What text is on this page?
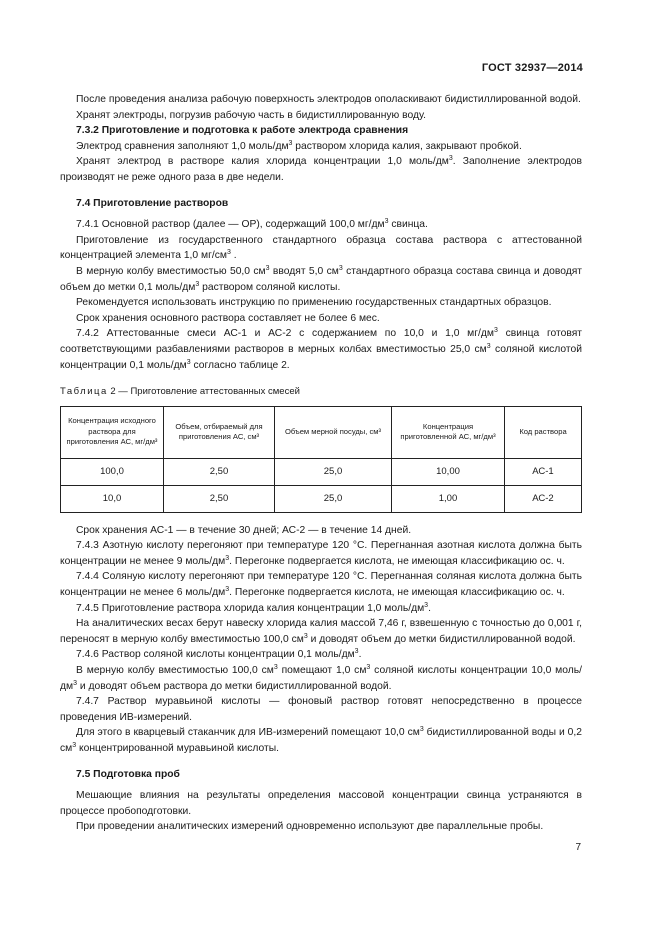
ГОСТ 32937—2014

После проведения анализа рабочую поверхность электродов ополаскивают бидистиллированной водой.

Хранят электроды, погрузив рабочую часть в бидистиллированную воду.

7.3.2 Приготовление и подготовка к работе электрода сравнения

Электрод сравнения заполняют 1,0 моль/$дм^3$ раствором хлорида калия, закрывают пробкой.

Хранят электрод в растворе калия хлорида концентрации 1,0 моль/$дм^3$. Заполнение электродов производят не реже одного раза в две недели.

7.4 Приготовление растворов

7.4.1 Основной раствор (далее — ОР), содержащий 100,0 $мг/дм^3$ свинца.

Приготовление из государственного стандартного образца состава раствора с аттестованной концентрацией элемента 1,0 $мг/см^3$ .

В мерную колбу вместимостью 50,0 $см^3$ вводят 5,0 $см^3$ стандартного образца состава свинца и доводят объем до метки 0,1 моль/$дм^3$ раствором соляной кислоты.

Рекомендуется использовать инструкцию по применению государственных стандартных образцов.

Срок хранения основного раствора составляет не более 6 мес.

7.4.2 Аттестованные смеси АС-1 и АС-2 с содержанием по 10,0 и 1,0 $мг/дм^3$ свинца готовят соответствующими разбавлениями растворов в мерных колбах вместимостью 25,0 $см^3$ соляной кислотой концентрации 0,1 моль/$дм^3$ согласно таблице 2.

Таблица 2 — Приготовление аттестованных смесей
Концентрация исходного раствора для приготовления АС, мг/дм³	Объем, отбираемый для приготовления АС, см³	Объем мерной посуды, см³	Концентрация приготовленной АС, мг/дм³	Код раствора
100,0	2,50	25,0	10,00	АС-1
10,0	2,50	25,0	1,00	АС-2

Срок хранения АС-1 — в течение 30 дней; АС-2 — в течение 14 дней.

7.4.3 Азотную кислоту перегоняют при температуре 120 °С. Перегнанная азотная кислота должна быть концентрации не менее 9 моль/$дм^3$. Перегонке подвергается кислота, не имеющая классификацию ос. ч.

7.4.4 Соляную кислоту перегоняют при температуре 120 °С. Перегнанная соляная кислота должна быть концентрации не менее 6 моль/$дм^3$. Перегонке подвергается кислота, не имеющая классификацию ос. ч.

7.4.5 Приготовление раствора хлорида калия концентрации 1,0 моль/$дм^3$.

На аналитических весах берут навеску хлорида калия массой 7,46 г, взвешенную с точностью до 0,001 г, переносят в мерную колбу вместимостью 100,0 $см^3$ и доводят объем до метки бидистиллированной водой.

7.4.6 Раствор соляной кислоты концентрации 0,1 моль/$дм^3$.

В мерную колбу вместимостью 100,0 $см^3$ помещают 1,0 $см^3$ соляной кислоты концентрации 10,0 моль/$дм^3$ и доводят объем раствора до метки бидистиллированной водой.

7.4.7 Раствор муравьиной кислоты — фоновый раствор готовят непосредственно в процессе проведения ИВ-измерений.

Для этого в кварцевый стаканчик для ИВ-измерений помещают 10,0 $см^3$ бидистиллированной воды и 0,2 $см^3$ концентрированной муравьиной кислоты.

7.5 Подготовка проб

Мешающие влияния на результаты определения массовой концентрации свинца устраняются в процессе пробоподготовки.

При проведении аналитических измерений одновременно используют две параллельные пробы.

7
